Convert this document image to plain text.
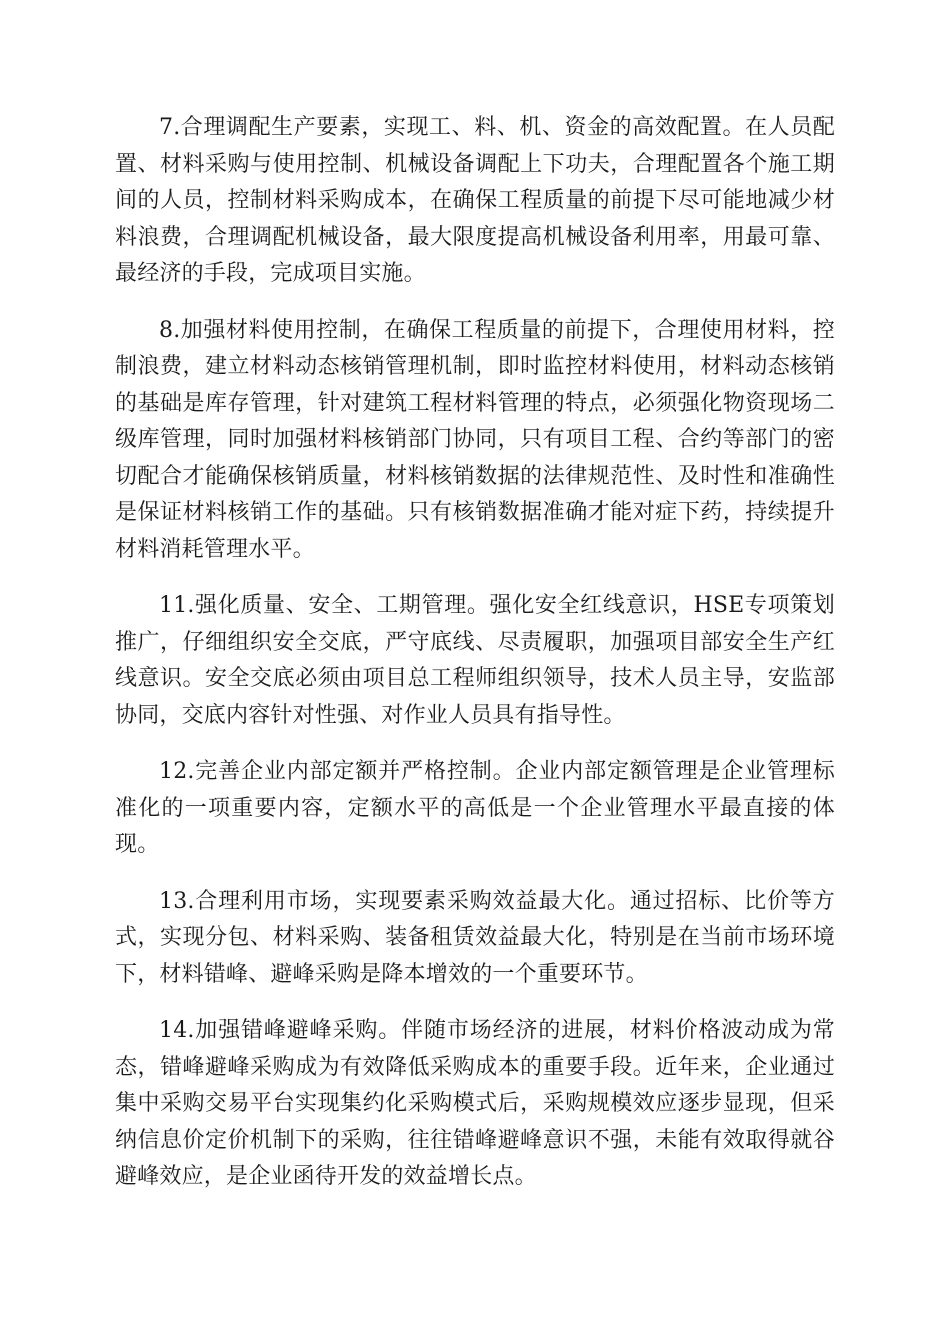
7.合理调配生产要素，实现工、料、机、资金的高效配置。在人员配置、材料采购与使用控制、机械设备调配上下功夫，合理配置各个施工期间的人员，控制材料采购成本，在确保工程质量的前提下尽可能地减少材料浪费，合理调配机械设备，最大限度提高机械设备利用率，用最可靠、最经济的手段，完成项目实施。

8.加强材料使用控制，在确保工程质量的前提下，合理使用材料，控制浪费，建立材料动态核销管理机制，即时监控材料使用，材料动态核销的基础是库存管理，针对建筑工程材料管理的特点，必须强化物资现场二级库管理，同时加强材料核销部门协同，只有项目工程、合约等部门的密切配合才能确保核销质量，材料核销数据的法律规范性、及时性和准确性是保证材料核销工作的基础。只有核销数据准确才能对症下药，持续提升材料消耗管理水平。

11.强化质量、安全、工期管理。强化安全红线意识，HSE专项策划推广，仔细组织安全交底，严守底线、尽责履职，加强项目部安全生产红线意识。安全交底必须由项目总工程师组织领导，技术人员主导，安监部协同，交底内容针对性强、对作业人员具有指导性。

12.完善企业内部定额并严格控制。企业内部定额管理是企业管理标准化的一项重要内容，定额水平的高低是一个企业管理水平最直接的体现。

13.合理利用市场，实现要素采购效益最大化。通过招标、比价等方式，实现分包、材料采购、装备租赁效益最大化，特别是在当前市场环境下，材料错峰、避峰采购是降本增效的一个重要环节。

14.加强错峰避峰采购。伴随市场经济的进展，材料价格波动成为常态，错峰避峰采购成为有效降低采购成本的重要手段。近年来，企业通过集中采购交易平台实现集约化采购模式后，采购规模效应逐步显现，但采纳信息价定价机制下的采购，往往错峰避峰意识不强，未能有效取得就谷避峰效应，是企业函待开发的效益增长点。
